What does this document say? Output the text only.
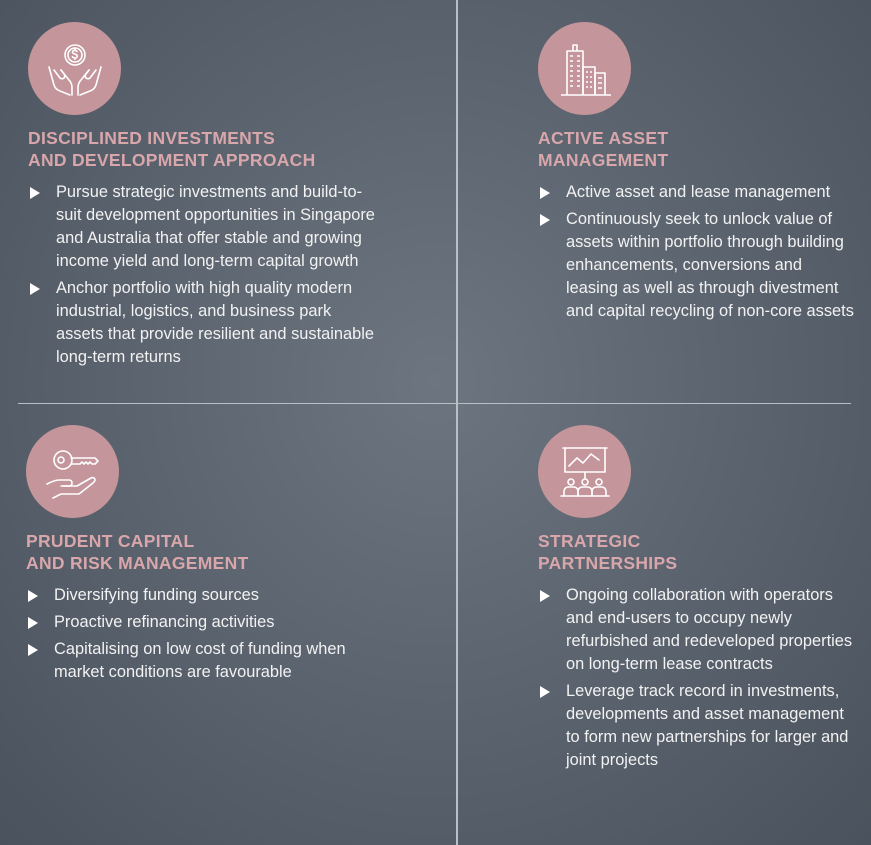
DISCIPLINED INVESTMENTS
AND DEVELOPMENT APPROACH
Pursue strategic investments and build-to-suit development opportunities in Singapore and Australia that offer stable and growing income yield and long-term capital growth
Anchor portfolio with high quality modern industrial, logistics, and business park assets that provide resilient and sustainable long-term returns
ACTIVE ASSET
MANAGEMENT
Active asset and lease management
Continuously seek to unlock value of assets within portfolio through building enhancements, conversions and leasing as well as through divestment and capital recycling of non-core assets
PRUDENT CAPITAL
AND RISK MANAGEMENT
Diversifying funding sources
Proactive refinancing activities
Capitalising on low cost of funding when market conditions are favourable
STRATEGIC
PARTNERSHIPS
Ongoing collaboration with operators and end-users to occupy newly refurbished and redeveloped properties on long-term lease contracts
Leverage track record in investments, developments and asset management to form new partnerships for larger and joint projects
